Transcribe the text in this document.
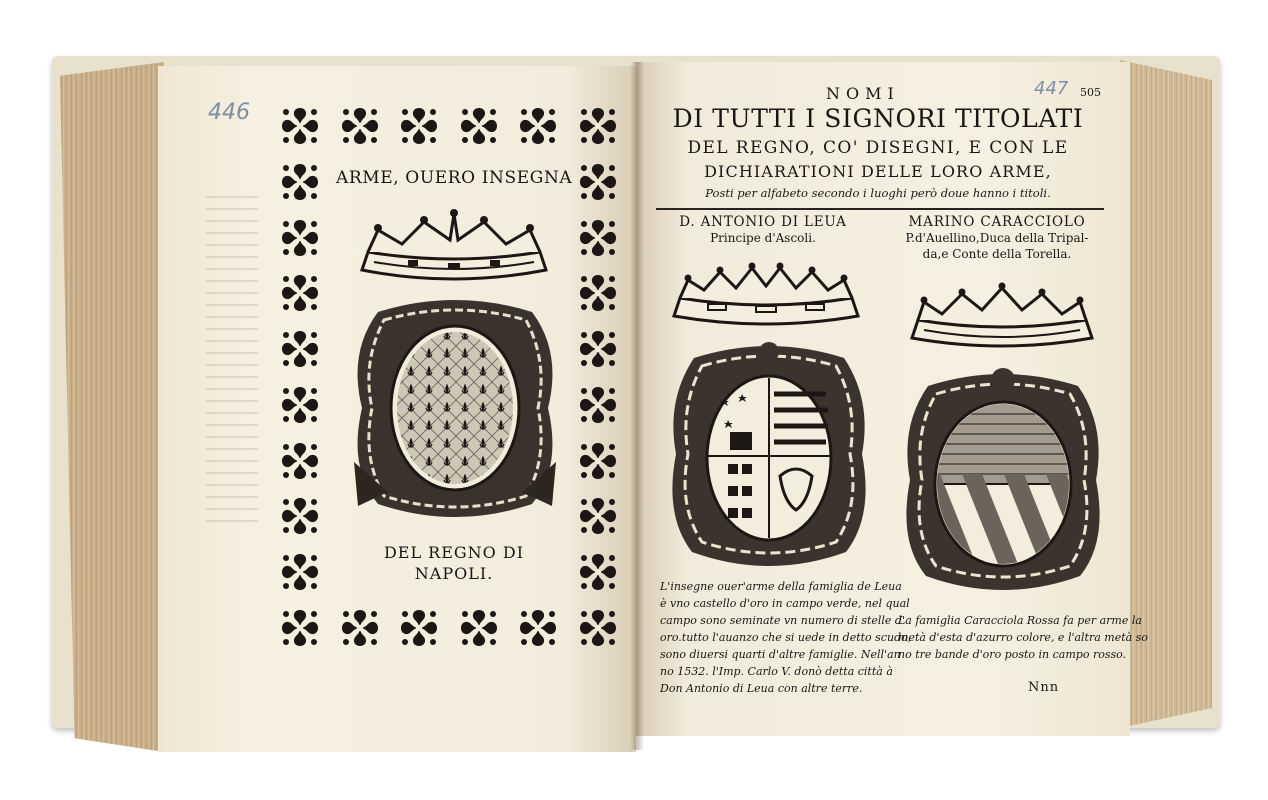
446
ARME, OUERO INSEGNA
DEL REGNO DI
NAPOLI.
447 505
NOMI
DI TUTTI I SIGNORI TITOLATI
DEL REGNO, CO' DISEGNI, E CON LE
DICHIARATIONI DELLE LORO ARME,
Posti per alfabeto secondo i luoghi però doue hanno i titoli.
D. ANTONIO DI LEUA
Principe d'Ascoli.
MARINO CARACCIOLO
P.d'Auellino,Duca della Tripal-
da,e Conte della Torella.
L'insegne ouer'arme della famiglia de Leua
è vno castello d'oro in campo verde, nel qual
campo sono seminate vn numero di stelle d'
oro.tutto l'auanzo che si uede in detto scudo,
sono diuersi quarti d'altre famiglie. Nell'an
no 1532. l'Imp. Carlo V. donò detta città à
Don Antonio di Leua con altre terre.
La famiglia Caracciola Rossa fa per arme la
metà d'esta d'azurro colore, e l'altra metà so
no tre bande d'oro posto in campo rosso.
Nnn
